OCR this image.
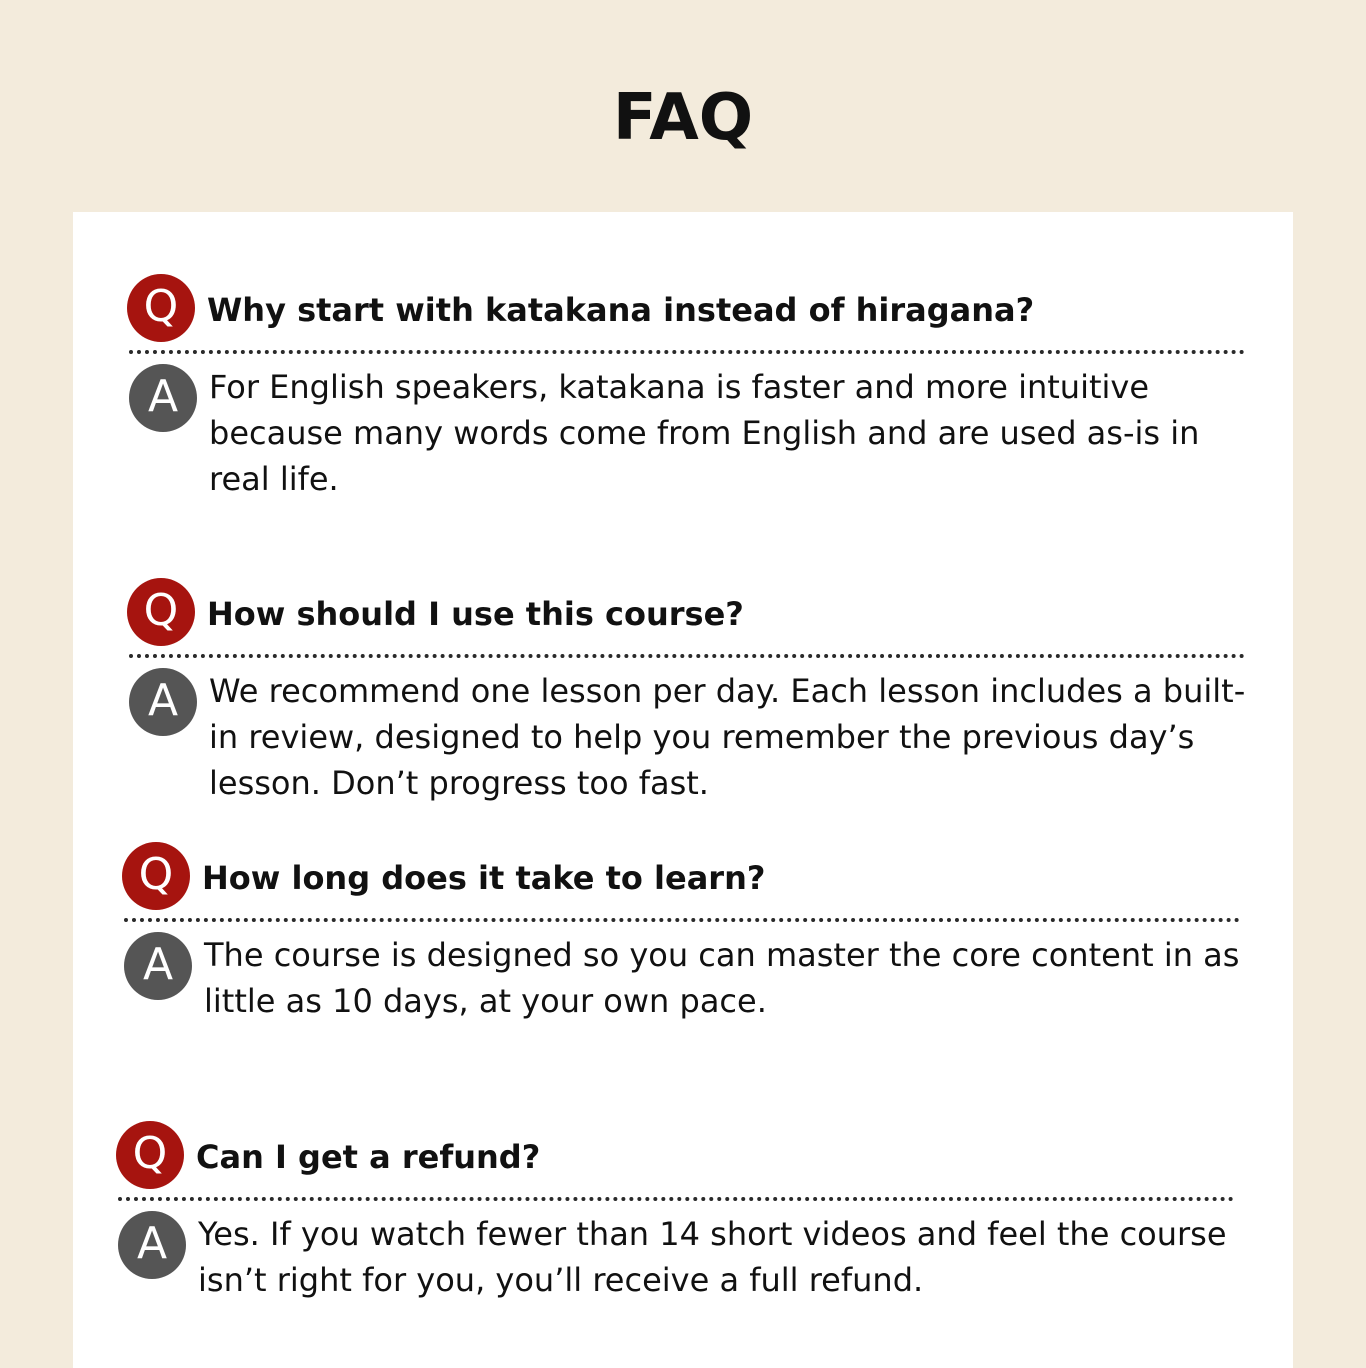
FAQ
Q Why start with katakana instead of hiragana?
A For English speakers, katakana is faster and more intuitive because many words come from English and are used as-is in real life.

Q How should I use this course?
A We recommend one lesson per day. Each lesson includes a built-in review, designed to help you remember the previous day’s lesson. Don’t progress too fast.

Q How long does it take to learn?
A The course is designed so you can master the core content in as little as 10 days, at your own pace.

Q Can I get a refund?
A Yes. If you watch fewer than 14 short videos and feel the course isn’t right for you, you’ll receive a full refund.
